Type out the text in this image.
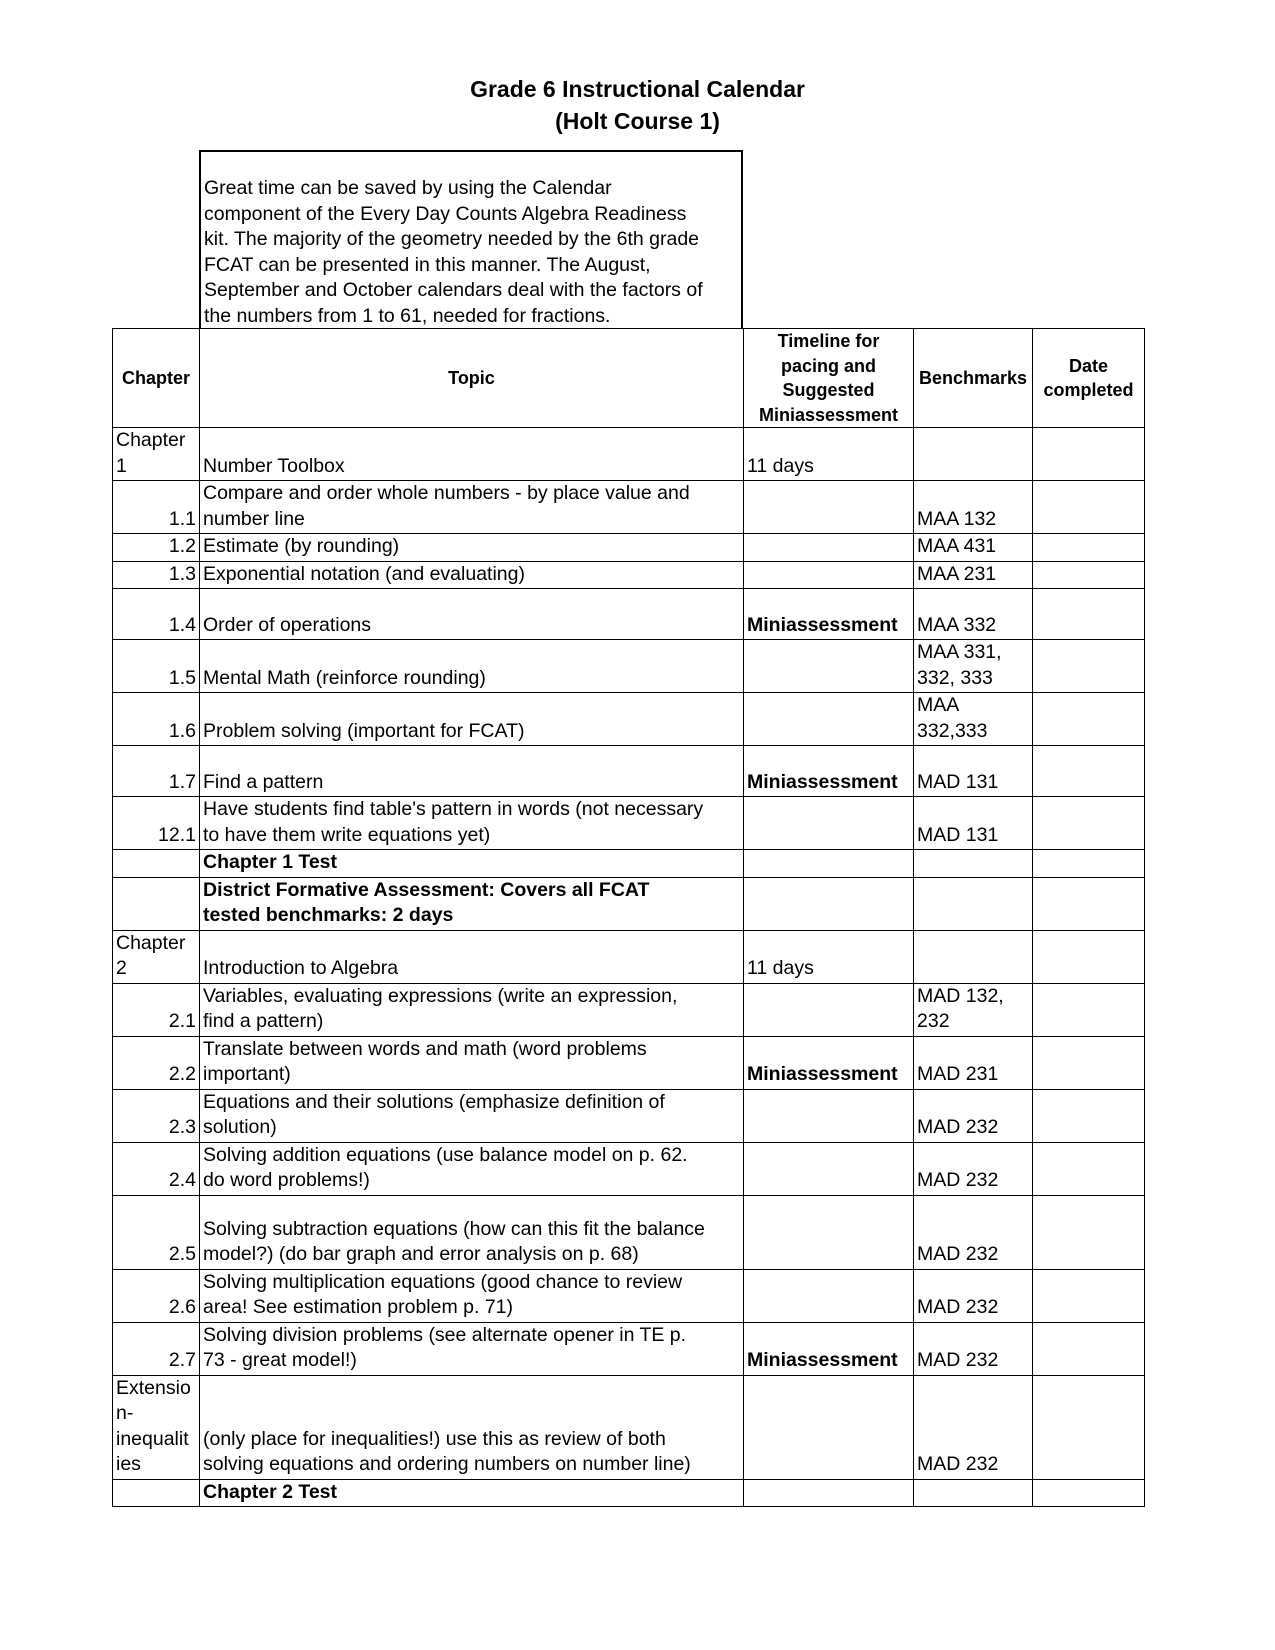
Grade 6 Instructional Calendar
(Holt Course 1)
Great time can be saved by using the Calendar
component of the Every Day Counts Algebra Readiness
kit. The majority of the geometry needed by the 6th grade
FCAT can be presented in this manner. The August,
September and October calendars deal with the factors of
the numbers from 1 to 61, needed for fractions.
Chapter	Topic	Timeline for
pacing and
Suggested
Miniassessment	Benchmarks	Date
completed

Chapter
1	Number Toolbox	11 days		

1.1	Compare and order whole numbers - by place value and
number line		MAA 132	

1.2	Estimate (by rounding)		MAA 431	

1.3	Exponential notation (and evaluating)		MAA 231	

1.4	Order of operations	Miniassessment	MAA 332	

1.5	Mental Math (reinforce rounding)		MAA 331,
332, 333	

1.6	Problem solving (important for FCAT)		MAA
332,333	

1.7	Find a pattern	Miniassessment	MAD 131	

12.1	Have students find table's pattern in words (not necessary
to have them write equations yet)		MAD 131	

	Chapter 1 Test			

	District Formative Assessment: Covers all FCAT
tested benchmarks: 2 days			

Chapter
2	Introduction to Algebra	11 days		

2.1	Variables, evaluating expressions (write an expression,
find a pattern)		MAD 132,
232	

2.2	Translate between words and math (word problems
important)	Miniassessment	MAD 231	

2.3	Equations and their solutions (emphasize definition of
solution)		MAD 232	

2.4	Solving addition equations (use balance model on p. 62.
do word problems!)		MAD 232	

2.5	Solving subtraction equations (how can this fit the balance
model?) (do bar graph and error analysis on p. 68)		MAD 232	

2.6	Solving multiplication equations (good chance to review
area! See estimation problem p. 71)		MAD 232	

2.7	Solving division problems (see alternate opener in TE p.
73 - great model!)	Miniassessment	MAD 232	

Extensio
n-
inequalit
ies	(only place for inequalities!) use this as review of both
solving equations and ordering numbers on number line)		MAD 232	

	Chapter 2 Test			
